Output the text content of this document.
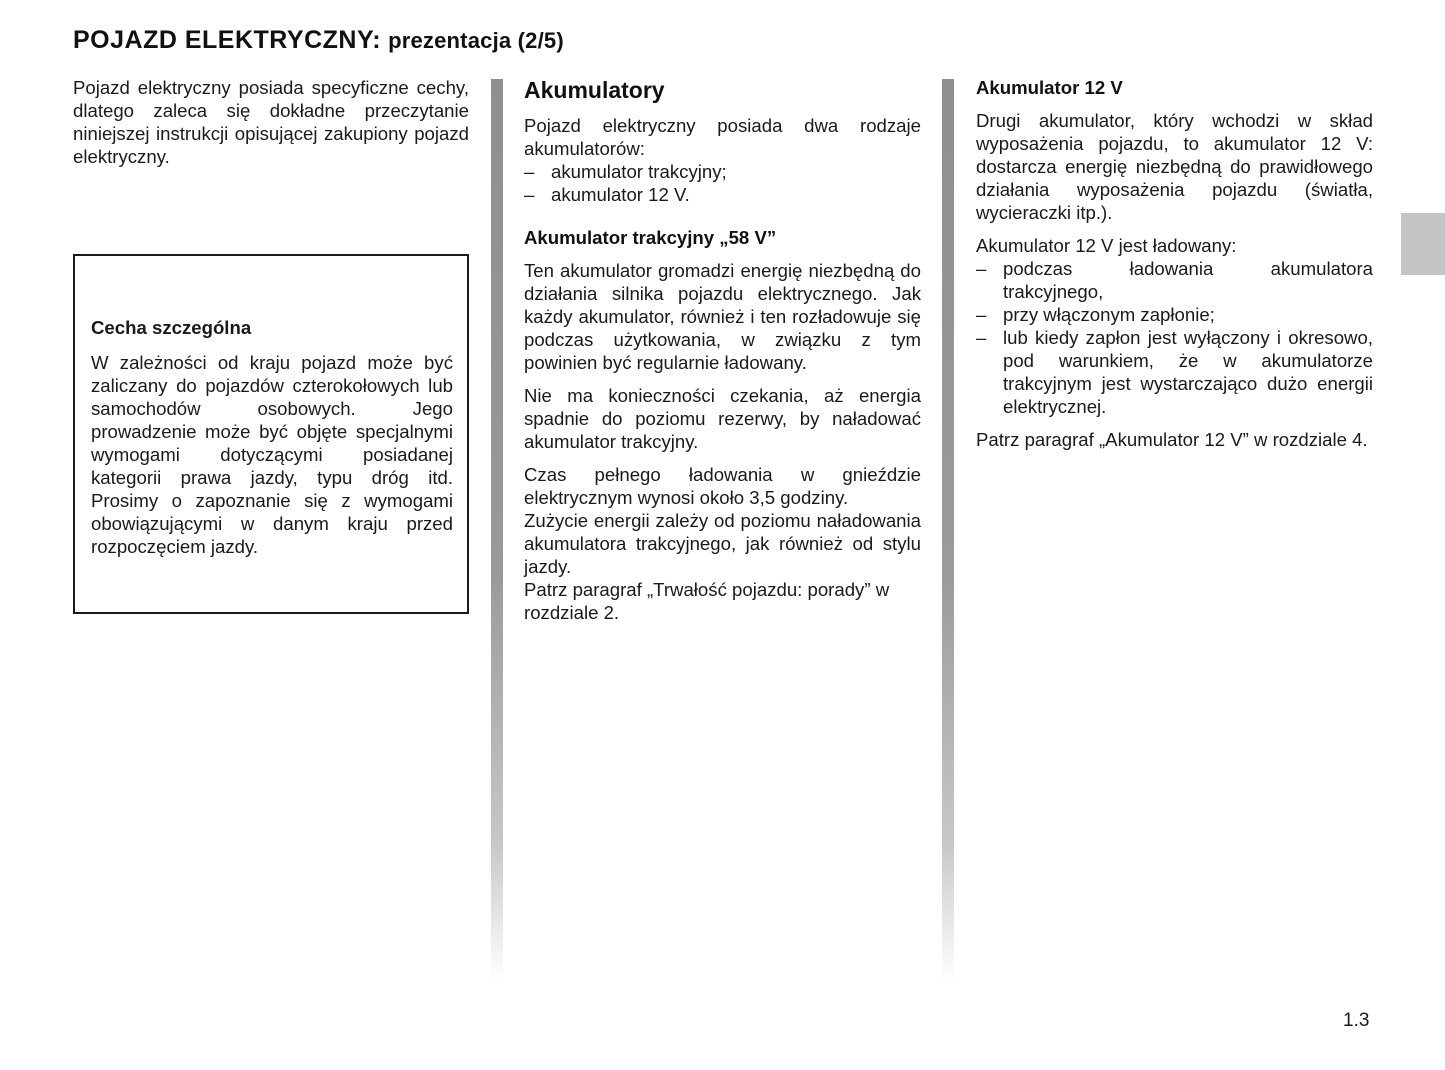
POJAZD ELEKTRYCZNY: prezentacja (2/5)

Pojazd elektryczny posiada specyficzne cechy, dlatego zaleca się dokładne przeczytanie niniejszej instrukcji opisującej zakupiony pojazd elektryczny.

Cecha szczególna

W zależności od kraju pojazd może być zaliczany do pojazdów czterokołowych lub samochodów osobowych. Jego prowadzenie może być objęte specjalnymi wymogami dotyczącymi posiadanej kategorii prawa jazdy, typu dróg itd. Prosimy o zapoznanie się z wymogami obowiązującymi w danym kraju przed rozpoczęciem jazdy.

Akumulatory

Pojazd elektryczny posiada dwa rodzaje akumulatorów:

– akumulator trakcyjny;
– akumulator 12 V.

Akumulator trakcyjny „58 V”

Ten akumulator gromadzi energię niezbędną do działania silnika pojazdu elektrycznego. Jak każdy akumulator, również i ten rozładowuje się podczas użytkowania, w związku z tym powinien być regularnie ładowany.

Nie ma konieczności czekania, aż energia spadnie do poziomu rezerwy, by naładować akumulator trakcyjny.

Czas pełnego ładowania w gnieździe elektrycznym wynosi około 3,5 godziny.

Zużycie energii zależy od poziomu naładowania akumulatora trakcyjnego, jak również od stylu jazdy.

Patrz paragraf „Trwałość pojazdu: porady” w rozdziale 2.

Akumulator 12 V

Drugi akumulator, który wchodzi w skład wyposażenia pojazdu, to akumulator 12 V: dostarcza energię niezbędną do prawidłowego działania wyposażenia pojazdu (światła, wycieraczki itp.).

Akumulator 12 V jest ładowany:

– podczas ładowania akumulatora trakcyjnego,
– przy włączonym zapłonie;
– lub kiedy zapłon jest wyłączony i okresowo, pod warunkiem, że w akumulatorze trakcyjnym jest wystarczająco dużo energii elektrycznej.

Patrz paragraf „Akumulator 12 V” w rozdziale 4.

1.3
